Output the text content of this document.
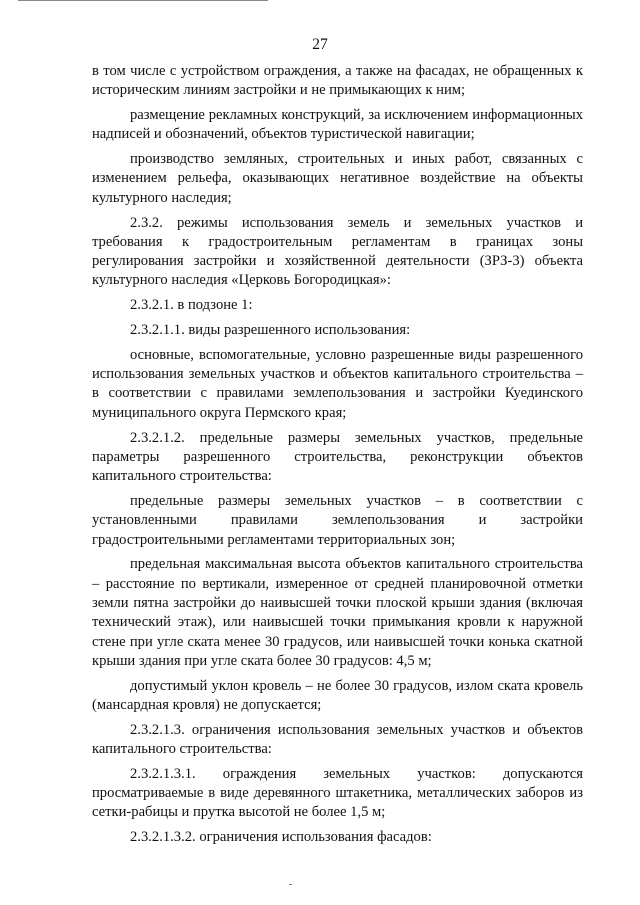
27

в том числе с устройством ограждения, а также на фасадах, не обращенных к историческим линиям застройки и не примыкающих к ним;

размещение рекламных конструкций, за исключением информационных надписей и обозначений, объектов туристической навигации;

производство земляных, строительных и иных работ, связанных с изменением рельефа, оказывающих негативное воздействие на объекты культурного наследия;

2.3.2. режимы использования земель и земельных участков и требования к градостроительным регламентам в границах зоны регулирования застройки и хозяйственной деятельности (ЗРЗ-3) объекта культурного наследия «Церковь Богородицкая»:

2.3.2.1. в подзоне 1:

2.3.2.1.1. виды разрешенного использования:

основные, вспомогательные, условно разрешенные виды разрешенного использования земельных участков и объектов капитального строительства – в соответствии с правилами землепользования и застройки Куединского муниципального округа Пермского края;

2.3.2.1.2. предельные размеры земельных участков, предельные параметры разрешенного строительства, реконструкции объектов капитального строительства:

предельные размеры земельных участков – в соответствии с установленными правилами землепользования и застройки градостроительными регламентами территориальных зон;

предельная максимальная высота объектов капитального строительства – расстояние по вертикали, измеренное от средней планировочной отметки земли пятна застройки до наивысшей точки плоской крыши здания (включая технический этаж), или наивысшей точки примыкания кровли к наружной стене при угле ската менее 30 градусов, или наивысшей точки конька скатной крыши здания при угле ската более 30 градусов: 4,5 м;

допустимый уклон кровель – не более 30 градусов, излом ската кровель (мансардная кровля) не допускается;

2.3.2.1.3. ограничения использования земельных участков и объектов капитального строительства:

2.3.2.1.3.1. ограждения земельных участков: допускаются просматриваемые в виде деревянного штакетника, металлических заборов из сетки-рабицы и прутка высотой не более 1,5 м;

2.3.2.1.3.2. ограничения использования фасадов:
